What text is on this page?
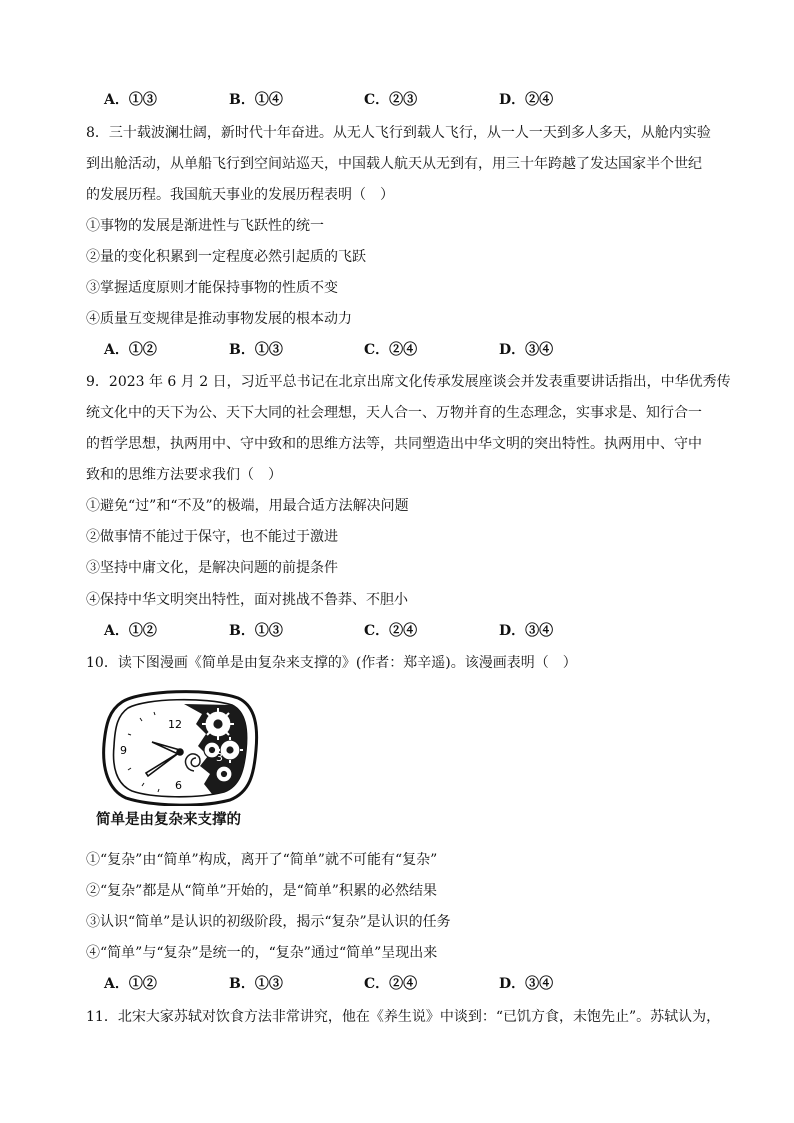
A．①③	B．①④	C．②③	D．②④
8．三十载波澜壮阔，新时代十年奋进。从无人飞行到载人飞行，从一人一天到多人多天，从舱内实验
到出舱活动，从单船飞行到空间站巡天，中国载人航天从无到有，用三十年跨越了发达国家半个世纪
的发展历程。我国航天事业的发展历程表明（　）
①事物的发展是渐进性与飞跃性的统一
②量的变化积累到一定程度必然引起质的飞跃
③掌握适度原则才能保持事物的性质不变
④质量互变规律是推动事物发展的根本动力
A．①②	B．①③	C．②④	D．③④
9．2023 年 6 月 2 日，习近平总书记在北京出席文化传承发展座谈会并发表重要讲话指出，中华优秀传
统文化中的天下为公、天下大同的社会理想，天人合一、万物并育的生态理念，实事求是、知行合一
的哲学思想，执两用中、守中致和的思维方法等，共同塑造出中华文明的突出特性。执两用中、守中
致和的思维方法要求我们（　）
①避免“过”和“不及”的极端，用最合适方法解决问题
②做事情不能过于保守，也不能过于激进
③坚持中庸文化，是解决问题的前提条件
④保持中华文明突出特性，面对挑战不鲁莽、不胆小
A．①②	B．①③	C．②④	D．③④
10．读下图漫画《简单是由复杂来支撑的》(作者：郑辛遥)。该漫画表明（　）
12
3
6
9
简单是由复杂来支撑的
①“复杂”由“简单”构成，离开了“简单”就不可能有“复杂”
②“复杂”都是从“简单”开始的，是“简单”积累的必然结果
③认识“简单”是认识的初级阶段，揭示“复杂”是认识的任务
④“简单”与“复杂”是统一的，“复杂”通过“简单”呈现出来
A．①②	B．①③	C．②④	D．③④
11．北宋大家苏轼对饮食方法非常讲究，他在《养生说》中谈到：“已饥方食，未饱先止”。苏轼认为，
